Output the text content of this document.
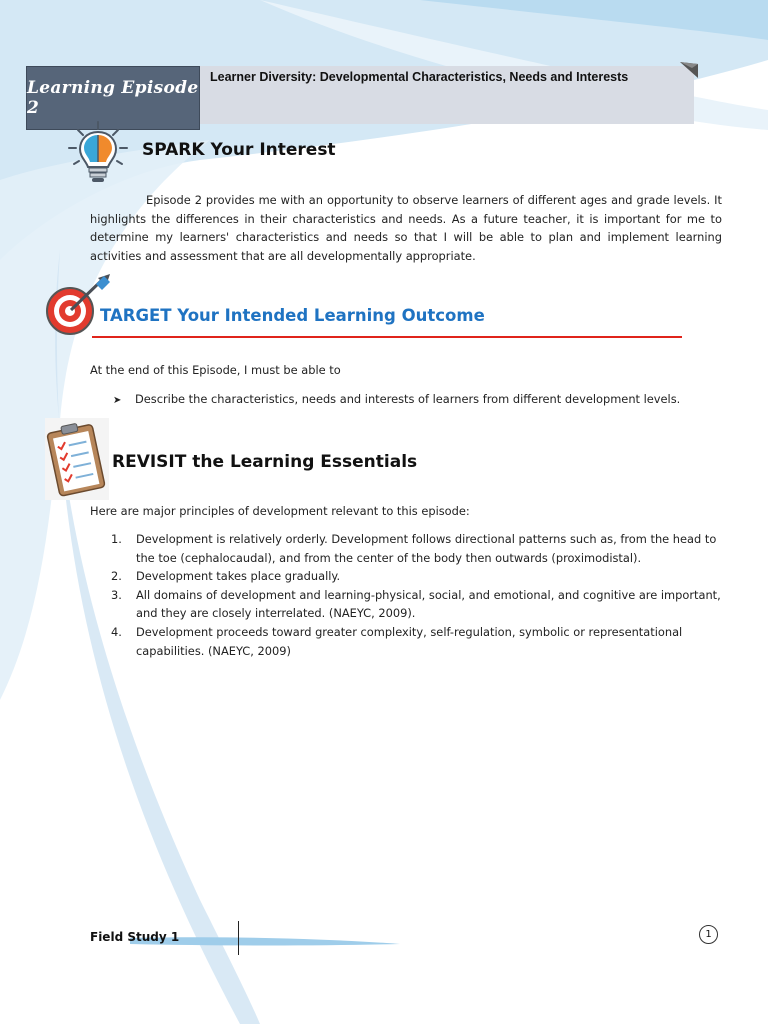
Learner Diversity: Developmental Characteristics, Needs and Interests
Learning Episode 2
SPARK Your Interest
Episode 2 provides me with an opportunity to observe learners of different ages and grade levels. It highlights the differences in their characteristics and needs. As a future teacher, it is important for me to determine my learners' characteristics and needs so that I will be able to plan and implement learning activities and assessment that are all developmentally appropriate.
TARGET Your Intended Learning Outcome
At the end of this Episode, I must be able to
➤	Describe the characteristics, needs and interests of learners from different development levels.
REVISIT the Learning Essentials
Here are major principles of development relevant to this episode:
1.	Development is relatively orderly. Development follows directional patterns such as, from the head to the toe (cephalocaudal), and from the center of the body then outwards (proximodistal).
2.	Development takes place gradually.
3.	All domains of development and learning-physical, social, and emotional, and cognitive are important, and they are closely interrelated. (NAEYC, 2009).
4.	Development proceeds toward greater complexity, self-regulation, symbolic or representational capabilities. (NAEYC, 2009)
Field Study 1	1
